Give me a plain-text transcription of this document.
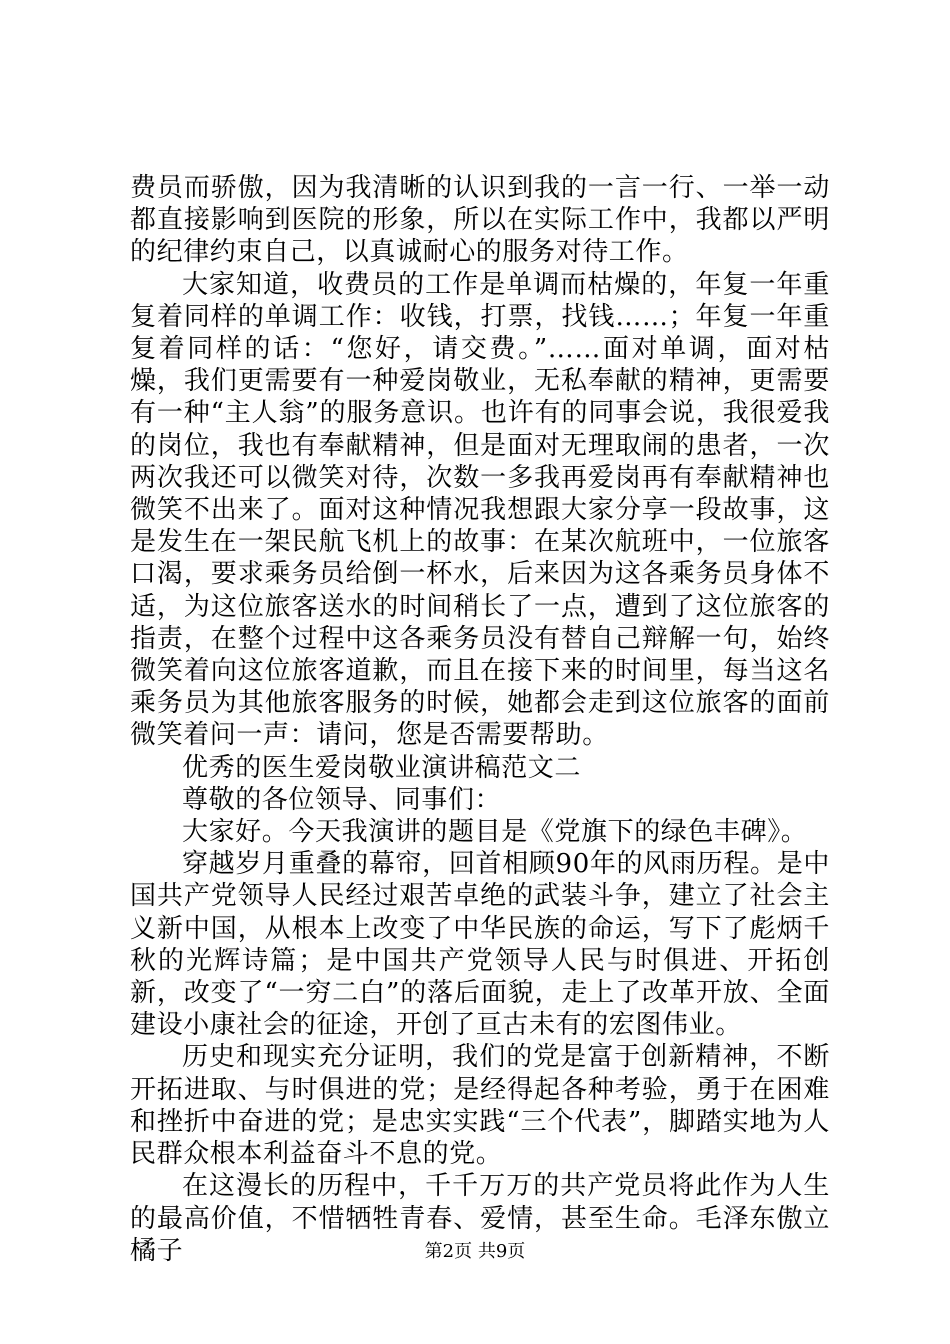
费员而骄傲，因为我清晰的认识到我的一言一行、一举一动都直接影响到医院的形象，所以在实际工作中，我都以严明的纪律约束自己，以真诚耐心的服务对待工作。

大家知道，收费员的工作是单调而枯燥的，年复一年重复着同样的单调工作：收钱，打票，找钱……；年复一年重复着同样的话：“您好，请交费。”……面对单调，面对枯燥，我们更需要有一种爱岗敬业，无私奉献的精神，更需要有一种“主人翁”的服务意识。也许有的同事会说，我很爱我的岗位，我也有奉献精神，但是面对无理取闹的患者，一次两次我还可以微笑对待，次数一多我再爱岗再有奉献精神也微笑不出来了。面对这种情况我想跟大家分享一段故事，这是发生在一架民航飞机上的故事：在某次航班中，一位旅客口渴，要求乘务员给倒一杯水，后来因为这各乘务员身体不适，为这位旅客送水的时间稍长了一点，遭到了这位旅客的指责，在整个过程中这各乘务员没有替自己辩解一句，始终微笑着向这位旅客道歉，而且在接下来的时间里，每当这名乘务员为其他旅客服务的时候，她都会走到这位旅客的面前微笑着问一声：请问，您是否需要帮助。

优秀的医生爱岗敬业演讲稿范文二

尊敬的各位领导、同事们：

大家好。今天我演讲的题目是《党旗下的绿色丰碑》。

穿越岁月重叠的幕帘，回首相顾90年的风雨历程。是中国共产党领导人民经过艰苦卓绝的武装斗争，建立了社会主义新中国，从根本上改变了中华民族的命运，写下了彪炳千秋的光辉诗篇；是中国共产党领导人民与时俱进、开拓创新，改变了“一穷二白”的落后面貌，走上了改革开放、全面建设小康社会的征途，开创了亘古未有的宏图伟业。

历史和现实充分证明，我们的党是富于创新精神，不断开拓进取、与时俱进的党；是经得起各种考验，勇于在困难和挫折中奋进的党；是忠实实践“三个代表”，脚踏实地为人民群众根本利益奋斗不息的党。

在这漫长的历程中，千千万万的共产党员将此作为人生的最高价值，不惜牺牲青春、爱情，甚至生命。毛泽东傲立橘子	第2页 共9页
